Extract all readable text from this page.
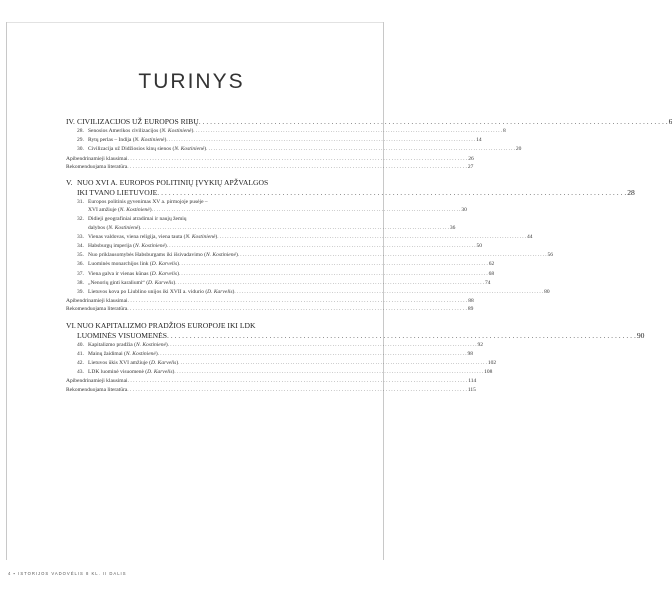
TURINYS
IV. CIVILIZACIJOS UŽ EUROPOS RIBŲ . . .	6
28. Senosios Amerikos civilizacijos (N. Kostinienė) . . .	8
29. Rytų perlas – Indija (N. Kostinienė) . . .	14
30. Civilizacija už Didžiosios kinų sienos (N. Kostinienė) . . .	20
Apibendrinamieji klausimai . . .	26
Rekomenduojama literatūra . . .	27
V. NUO XVI A. EUROPOS POLITINIŲ ĮVYKIŲ APŽVALGOS
IKI TVANO LIETUVOJE . . .	28
31. Europos politinis gyvenimas XV a. pirmojoje pusėje –
XVI amžiuje (N. Kostinienė) . . .	30
32. Didieji geografiniai atradimai ir naujų žemių
dalybos (N. Kostinienė) . . .	36
33. Vienas valdovas, viena religija, viena tauta (N. Kostinienė) . . .	44
34. Habsburgų imperija (N. Kostinienė) . . .	50
35. Nuo priklausomybės Habsburgams iki išsivadavimo (N. Kostinienė) . . .	56
36. Luominės monarchijos link (D. Karvelis) . . .	62
37. Viena galva ir vienas kūnas (D. Karvelis) . . .	68
38. „Nenorių ginti karaliumi“ (D. Karvelis) . . .	74
39. Lietuvos kova po Liublino unijos iki XVII a. vidurio (D. Karvelis) . . .	80
Apibendrinamieji klausimai . . .	88
Rekomenduojama literatūra . . .	89
VI. NUO KAPITALIZMO PRADŽIOS EUROPOJE IKI LDK
LUOMINĖS VISUOMENĖS . . .	90
40. Kapitalizmo pradžia (N. Kostinienė) . . .	92
41. Mainų žaidimai (N. Kostinienė) . . .	98
42. Lietuvos ūkis XVI amžiuje (D. Karvelis) . . .	102
43. LDK luominė visuomenė (D. Karvelis) . . .	108
Apibendrinamieji klausimai . . .	114
Rekomenduojama literatūra . . .	115
4 ▪ ISTORIJOS VADOVĖLIS 8 KL. II DALIS
